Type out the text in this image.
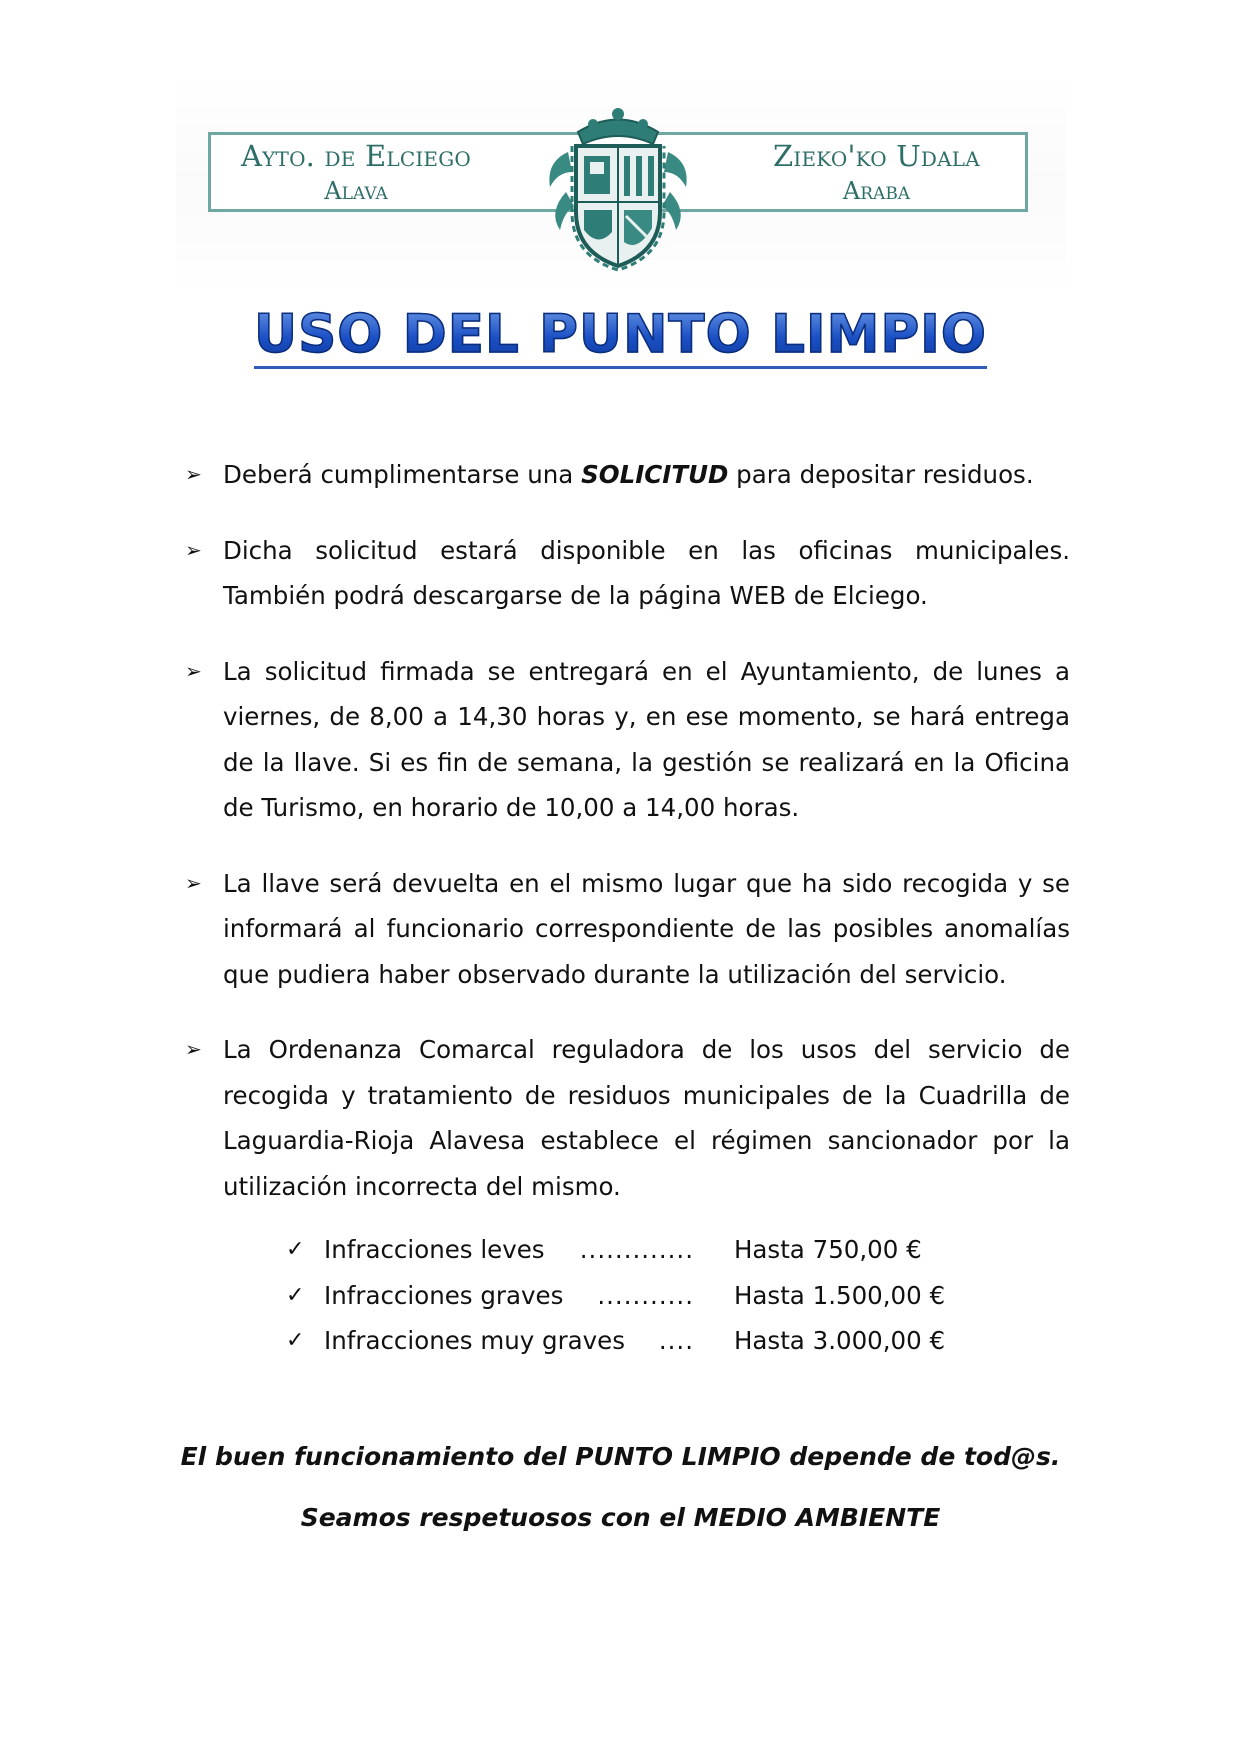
Ayto. de Elciego
Alava
Zieko'ko Udala
Araba
USO DEL PUNTO LIMPIO
➢ Deberá cumplimentarse una SOLICITUD para depositar residuos.
➢ Dicha solicitud estará disponible en las oficinas municipales. También podrá descargarse de la página WEB de Elciego.
➢ La solicitud firmada se entregará en el Ayuntamiento, de lunes a viernes, de 8,00 a 14,30 horas y, en ese momento, se hará entrega de la llave. Si es fin de semana, la gestión se realizará en la Oficina de Turismo, en horario de 10,00 a 14,00 horas.
➢ La llave será devuelta en el mismo lugar que ha sido recogida y se informará al funcionario correspondiente de las posibles anomalías que pudiera haber observado durante la utilización del servicio.
➢ La Ordenanza Comarcal reguladora de los usos del servicio de recogida y tratamiento de residuos municipales de la Cuadrilla de Laguardia-Rioja Alavesa establece el régimen sancionador por la utilización incorrecta del mismo.
✓ Infracciones leves ............. Hasta 750,00 €
✓ Infracciones graves ........... Hasta 1.500,00 €
✓ Infracciones muy graves .... Hasta 3.000,00 €
El buen funcionamiento del PUNTO LIMPIO depende de tod@s.
Seamos respetuosos con el MEDIO AMBIENTE
